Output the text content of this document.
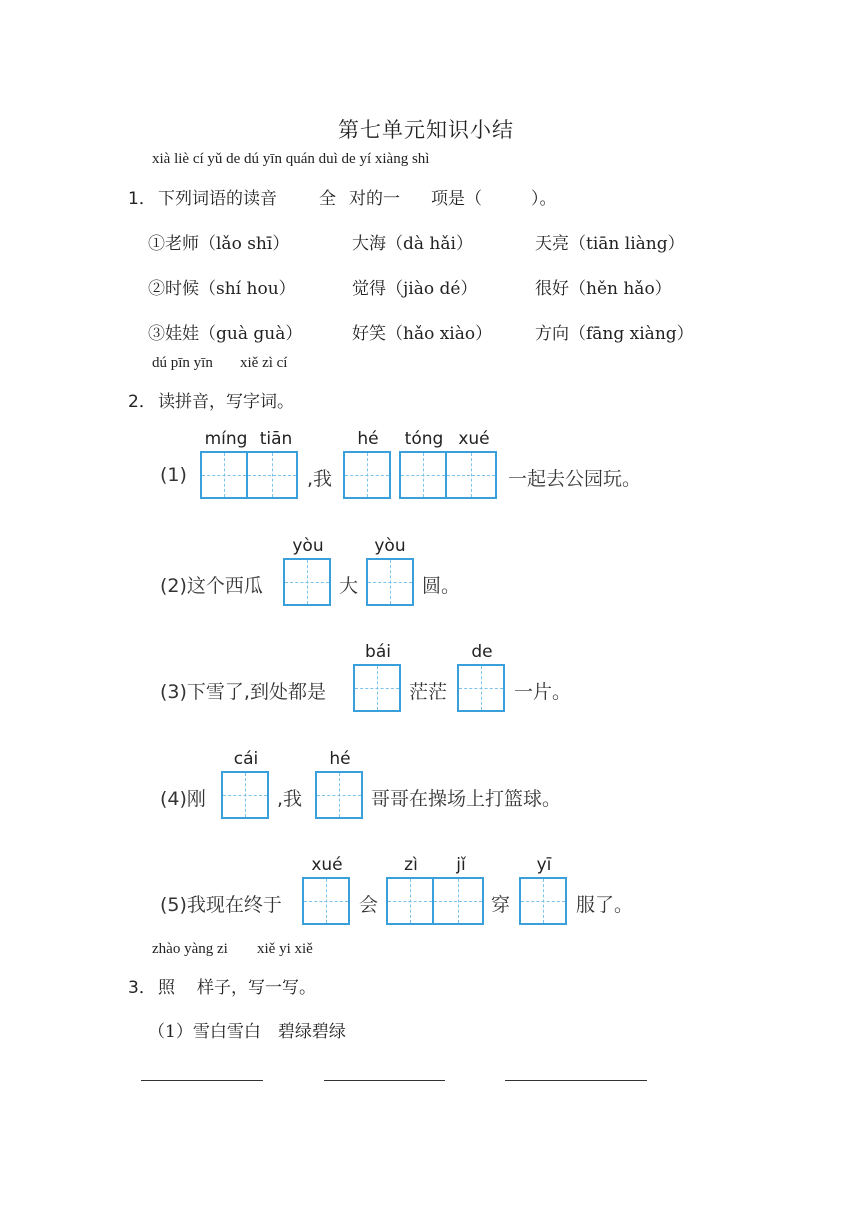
第七单元知识小结
xià liè cí yǔ de dú yīn quán duì de yí xiàng shì
1． 下列词语的读音 全 对的一 项是（	）。
①老师（lǎo shī）	大海（dà hǎi）	天亮（tiān liàng）
②时候（shí hou）	觉得（jiào dé）	很好（hěn hǎo）
③娃娃（guà guà）	好笑（hǎo xiào）	方向（fāng xiàng）
dú pīn yīn xiě zì cí
2． 读拼音，写字词。
míng tiān	hé	tóng xué
(1)	,我	一起去公园玩。
yòu	yòu
(2)这个西瓜	大	圆。
bái	de
(3)下雪了,到处都是	茫茫	一片。
cái	hé
(4)刚	,我	哥哥在操场上打篮球。
xué	zì	jǐ	yī
(5)我现在终于	会	穿	服了。
zhào yàng zi xiě yi xiě
3． 照 样子，写一写。
（1）雪白雪白　碧绿碧绿
